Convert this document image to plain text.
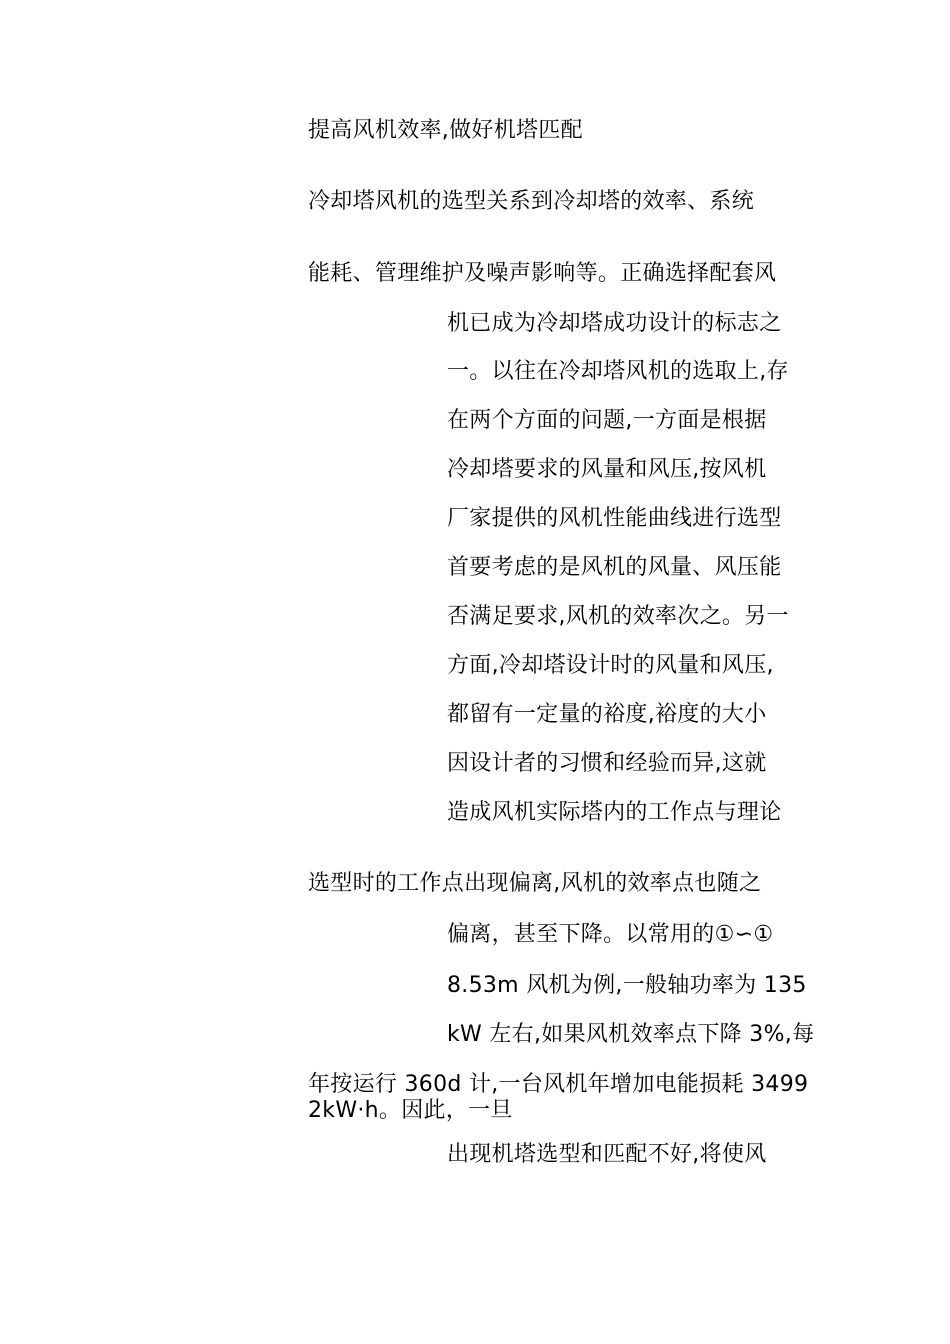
提高风机效率,做好机塔匹配
冷却塔风机的选型关系到冷却塔的效率、系统
能耗、管理维护及噪声影响等。正确选择配套风
机已成为冷却塔成功设计的标志之
一。以往在冷却塔风机的选取上,存
在两个方面的问题,一方面是根据
冷却塔要求的风量和风压,按风机
厂家提供的风机性能曲线进行选型
首要考虑的是风机的风量、风压能
否满足要求,风机的效率次之。另一
方面,冷却塔设计时的风量和风压,
都留有一定量的裕度,裕度的大小
因设计者的习惯和经验而异,这就
造成风机实际塔内的工作点与理论
选型时的工作点出现偏离,风机的效率点也随之
偏离，甚至下降。以常用的①∽①
8.53m 风机为例,一般轴功率为 135
kW 左右,如果风机效率点下降 3%,每
年按运行 360d 计,一台风机年增加电能损耗 3499
2kW·h。因此，一旦
出现机塔选型和匹配不好,将使风
